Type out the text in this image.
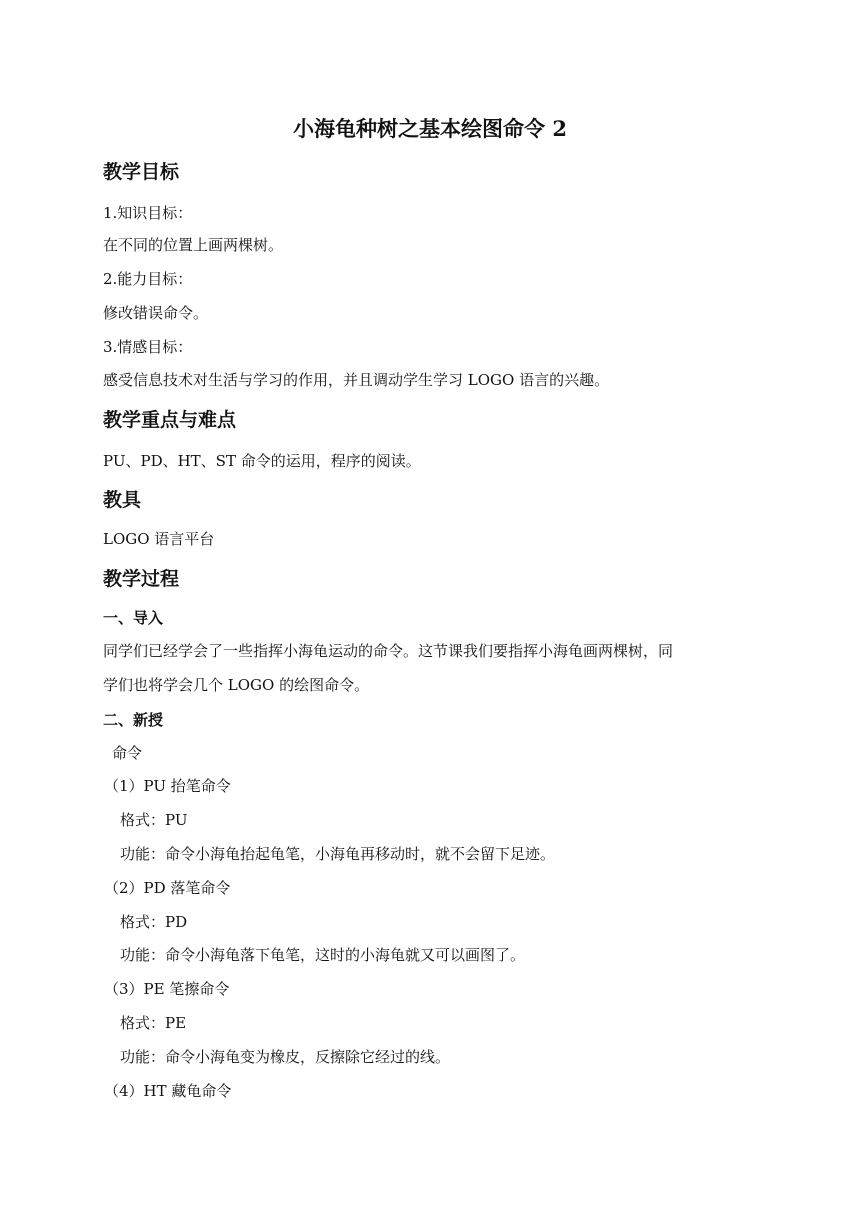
小海龟种树之基本绘图命令 2
教学目标
1.知识目标：
在不同的位置上画两棵树。
2.能力目标：
修改错误命令。
3.情感目标：
感受信息技术对生活与学习的作用，并且调动学生学习 LOGO 语言的兴趣。
教学重点与难点
PU、PD、HT、ST 命令的运用，程序的阅读。
教具
LOGO 语言平台
教学过程
一、导入
同学们已经学会了一些指挥小海龟运动的命令。这节课我们要指挥小海龟画两棵树，同
学们也将学会几个 LOGO 的绘图命令。
二、新授
命令
（1）PU 抬笔命令
格式：PU
功能：命令小海龟抬起龟笔，小海龟再移动时，就不会留下足迹。
（2）PD 落笔命令
格式：PD
功能：命令小海龟落下龟笔，这时的小海龟就又可以画图了。
（3）PE 笔擦命令
格式：PE
功能：命令小海龟变为橡皮，反擦除它经过的线。
（4）HT 藏龟命令
